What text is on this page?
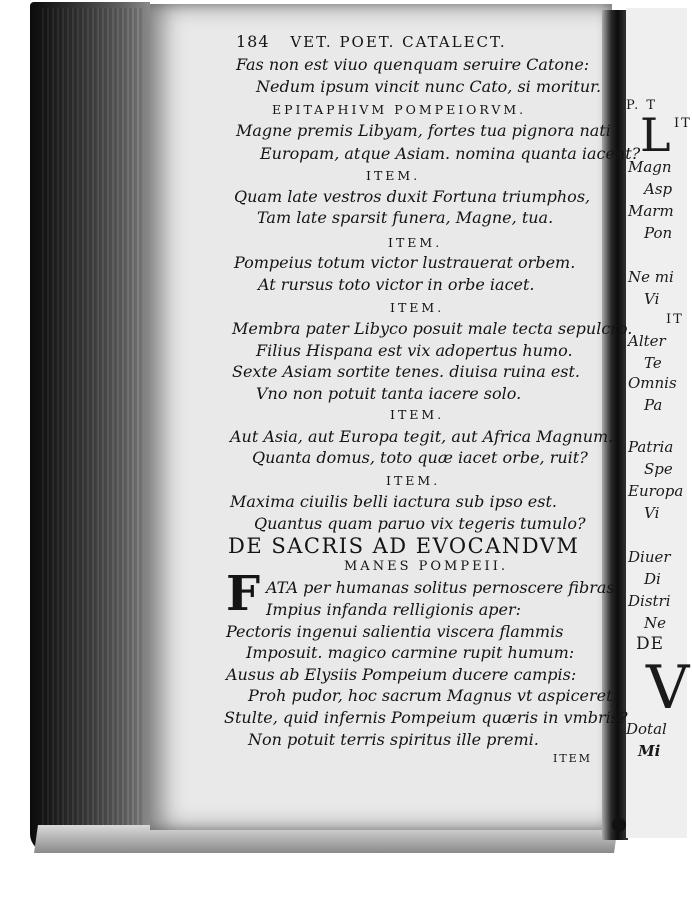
P. T
L IT
Magn
Asp
Marm
Pon
Ne mi
Vi
IT
Alter
Te
Omnis
Pa
Patria
Spe
Europa
Vi
Diuer
Di
Distri
Ne
DE
V
Dotal
Mi
184 VET. POET. CATALECT.
Fas non est viuo quenquam seruire Catone:
Nedum ipsum vincit nunc Cato, si moritur.
EPITAPHIVM POMPEIORVM.
Magne premis Libyam, fortes tua pignora nati
Europam, atque Asiam. nomina quanta iacent?
ITEM.
Quam late vestros duxit Fortuna triumphos,
Tam late sparsit funera, Magne, tua.
ITEM.
Pompeius totum victor lustrauerat orbem.
At rursus toto victor in orbe iacet.
ITEM.
Membra pater Libyco posuit male tecta sepulcro.
Filius Hispana est vix adopertus humo.
Sexte Asiam sortite tenes. diuisa ruina est.
Vno non potuit tanta iacere solo.
ITEM.
Aut Asia, aut Europa tegit, aut Africa Magnum.
Quanta domus, toto quæ iacet orbe, ruit?
ITEM.
Maxima ciuilis belli iactura sub ipso est.
Quantus quam paruo vix tegeris tumulo?
DE SACRIS AD EVOCANDVM
MANES POMPEII.
F ATA per humanas solitus pernoscere fibras
Impius infanda relligionis aper:
Pectoris ingenui salientia viscera flammis
Imposuit. magico carmine rupit humum:
Ausus ab Elysiis Pompeium ducere campis:
Proh pudor, hoc sacrum Magnus vt aspiceret.
Stulte, quid infernis Pompeium quæris in vmbris?
Non potuit terris spiritus ille premi.
ITEM
